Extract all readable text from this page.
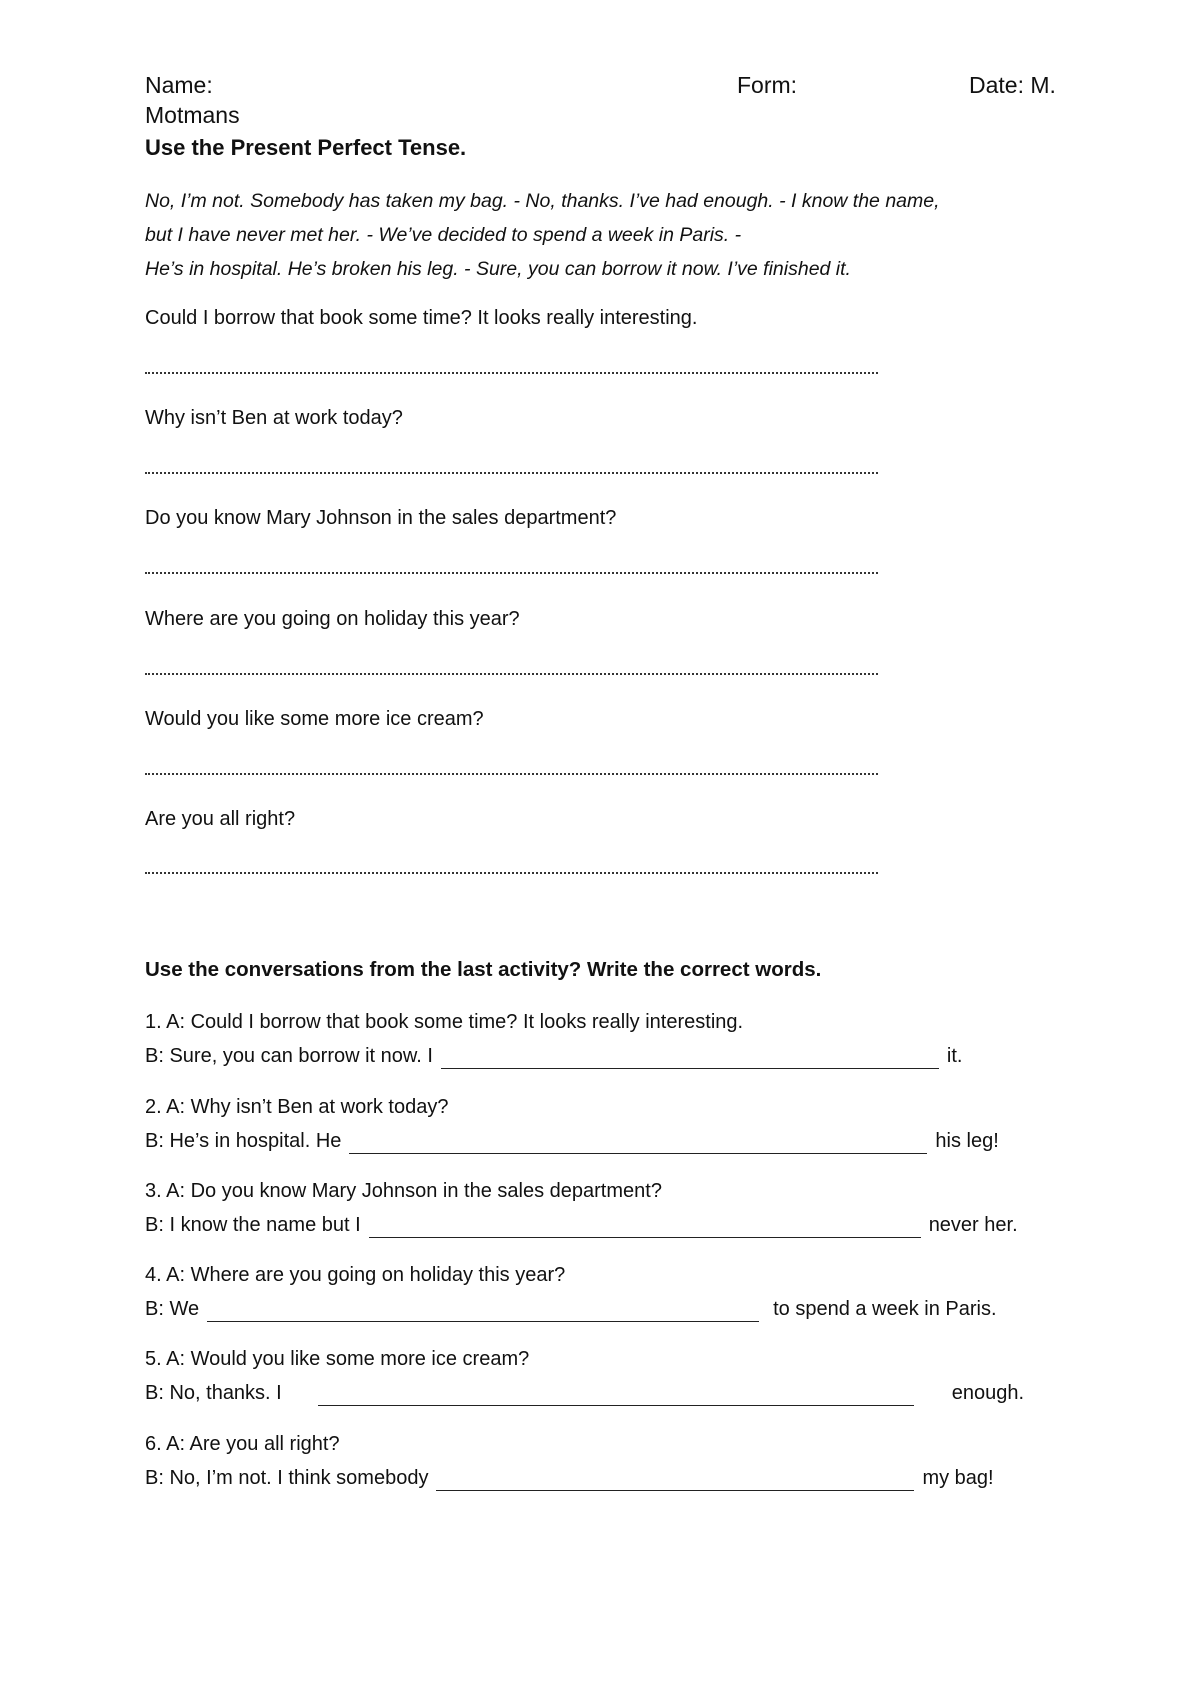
Name:	Form:	Date: M.
Motmans
Use the Present Perfect Tense.
No, I’m not. Somebody has taken my bag. - No, thanks. I’ve had enough. - I know the name,
but I have never met her. - We’ve decided to spend a week in Paris. -
He’s in hospital. He’s broken his leg. - Sure, you can borrow it now. I’ve finished it.
Could I borrow that book some time? It looks really interesting.
Why isn’t Ben at work today?
Do you know Mary Johnson in the sales department?
Where are you going on holiday this year?
Would you like some more ice cream?
Are you all right?
Use the conversations from the last activity? Write the correct words.
1. A: Could I borrow that book some time? It looks really interesting.
B: Sure, you can borrow it now. I	it.
2. A: Why isn’t Ben at work today?
B: He’s in hospital. He	his leg!
3. A: Do you know Mary Johnson in the sales department?
B: I know the name but I	never her.
4. A: Where are you going on holiday this year?
B: We	to spend a week in Paris.
5. A: Would you like some more ice cream?
B: No, thanks. I	enough.
6. A: Are you all right?
B: No, I’m not. I think somebody	my bag!
